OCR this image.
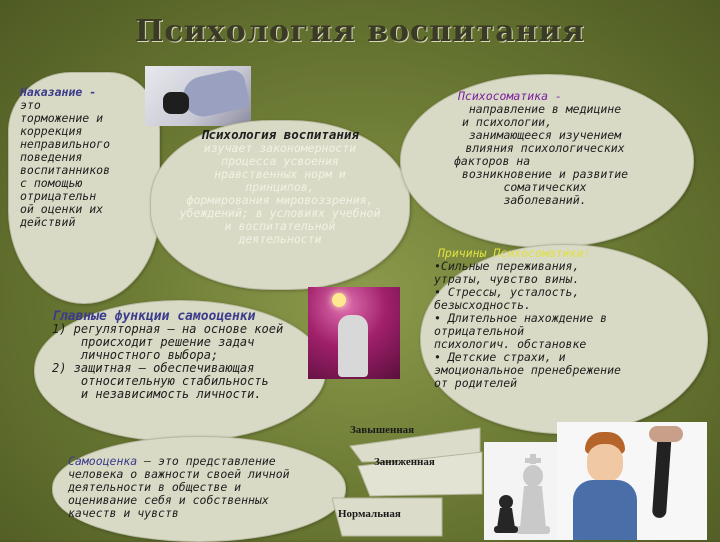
Психология воспитания
Наказание -
это
торможение и
коррекция
неправильного
поведения
воспитанников
с помощью
отрицательн
ой оценки их
действий
Психология воспитания
изучает закономерности
процесса усвоения
нравственных норм и
принципов,
формирования мировоззрения,
убеждений; в условиях учебной
и воспитательной
деятельности
Психосоматика -
направление в медицине
и психологии,
занимающееся изучением
влияния психологических
факторов на
возникновение и развитие
соматических
заболеваний.
Причины Психосоматики:
•Сильные переживания,
утраты, чувство вины.
• Стрессы, усталость,
безысходность.
• Длительное нахождение в
отрицательной
психологич. обстановке
• Детские страхи, и
эмоциональное пренебрежение
от родителей
Главные функции самооценки
1) регуляторная — на основе коей
происходит решение задач
личностного выбора;
2) защитная — обеспечивающая
относительную стабильность
и независимость личности.
Самооценка — это представление
человека о важности своей личной
деятельности в обществе и
оценивание себя и собственных
качеств и чувств
Завышенная
Заниженная
Нормальная
